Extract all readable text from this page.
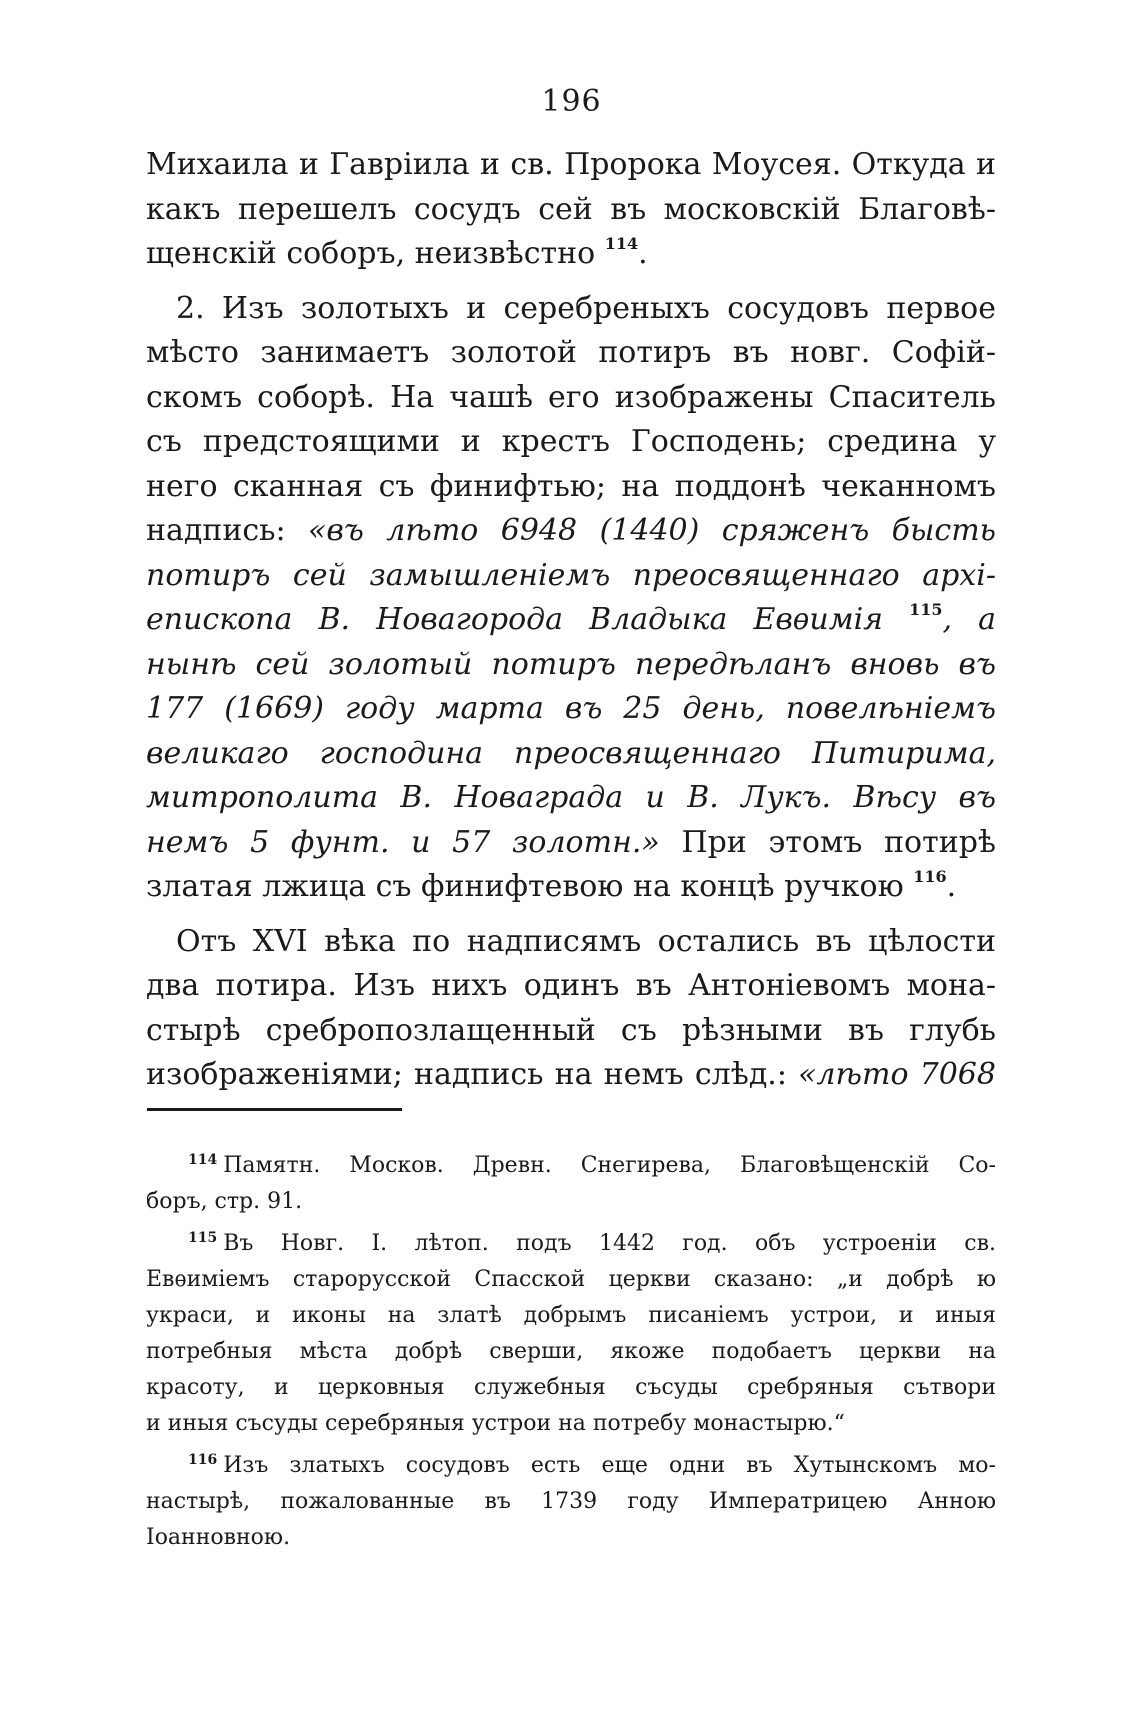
196
Михаила и Гавріила и св. Пророка Моусея. Откуда и
какъ перешелъ сосудъ сей въ московскій Благовѣ-
щенскій соборъ, неизвѣстно $^{114}$.
2. Изъ золотыхъ и серебреныхъ сосудовъ первое
мѣсто занимаетъ золотой потиръ въ новг. Софій-
скомъ соборѣ. На чашѣ его изображены Спаситель
съ предстоящими и крестъ Господень; средина у
него сканная съ финифтью; на поддонѣ чеканномъ
надпись: «въ лѣто 6948 (1440) сряженъ бысть
потиръ сей замышленіемъ преосвященнаго архі-
епископа В. Новагорода Владыка Евѳимія $^{115}$, а
нынѣ сей золотый потиръ передѣланъ вновь въ
177 (1669) году марта въ 25 день, повелѣніемъ
великаго господина преосвященнаго Питирима,
митрополита В. Новаграда и В. Лукъ. Вѣсу въ
немъ 5 фунт. и 57 золотн.» При этомъ потирѣ
златая лжица съ финифтевою на концѣ ручкою $^{116}$.
Отъ XVI вѣка по надписямъ остались въ цѣлости
два потира. Изъ нихъ одинъ въ Антоніевомъ мона-
стырѣ сребропозлащенный съ рѣзными въ глубь
изображеніями; надпись на немъ слѣд.: «лѣто 7068
$^{114}$ Памятн. Москов. Древн. Снегирева, Благовѣщенскій Со-
боръ, стр. 91.
$^{115}$ Въ Новг. I. лѣтоп. подъ 1442 год. объ устроеніи св.
Евѳиміемъ старорусской Спасской церкви сказано: „и добрѣ ю
украси, и иконы на златѣ добрымъ писаніемъ устрои, и иныя
потребныя мѣста добрѣ сверши, якоже подобаетъ церкви на
красоту, и церковныя служебныя съсуды сребряныя сътвори
и иныя съсуды серебряныя устрои на потребу монастырю.“
$^{116}$ Изъ златыхъ сосудовъ есть еще одни въ Хутынскомъ мо-
настырѣ, пожалованные въ 1739 году Императрицею Анною
Іоанновною.
